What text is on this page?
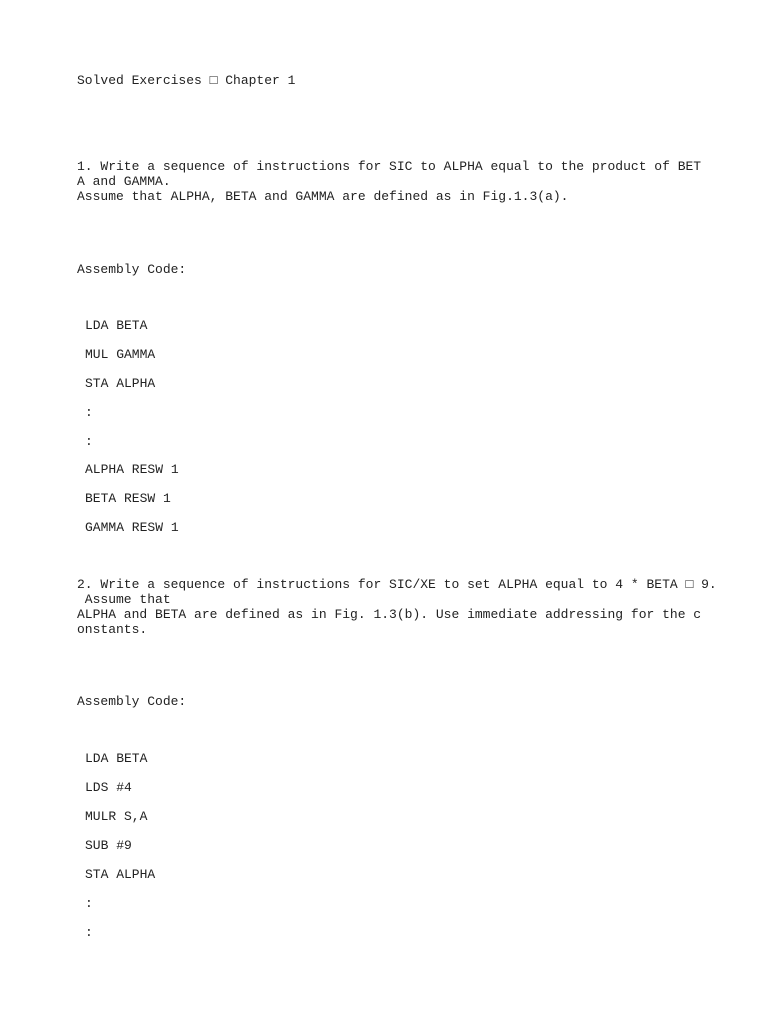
Solved Exercises □ Chapter 1
1. Write a sequence of instructions for SIC to ALPHA equal to the product of BET
A and GAMMA.
Assume that ALPHA, BETA and GAMMA are defined as in Fig.1.3(a).
Assembly Code:
LDA BETA
MUL GAMMA
STA ALPHA
:
:
ALPHA RESW 1
BETA RESW 1
GAMMA RESW 1
2. Write a sequence of instructions for SIC/XE to set ALPHA equal to 4 * BETA □ 9.
Assume that
ALPHA and BETA are defined as in Fig. 1.3(b). Use immediate addressing for the c
onstants.
Assembly Code:
LDA BETA
LDS #4
MULR S,A
SUB #9
STA ALPHA
:
:
